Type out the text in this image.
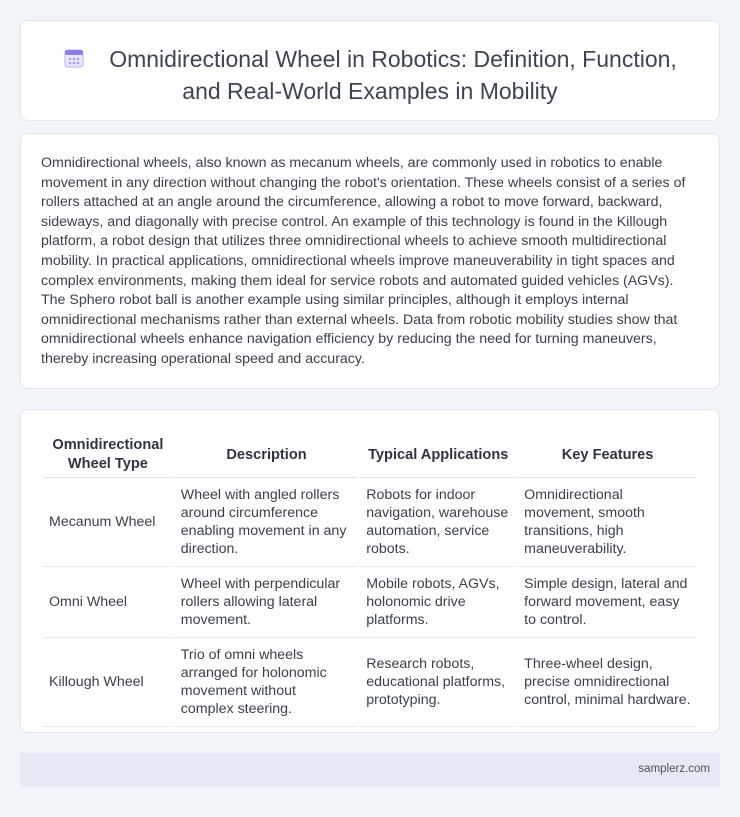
Omnidirectional Wheel in Robotics: Definition, Function, and Real-World Examples in Mobility

Omnidirectional wheels, also known as mecanum wheels, are commonly used in robotics to enable movement in any direction without changing the robot's orientation. These wheels consist of a series of rollers attached at an angle around the circumference, allowing a robot to move forward, backward, sideways, and diagonally with precise control. An example of this technology is found in the Killough platform, a robot design that utilizes three omnidirectional wheels to achieve smooth multidirectional mobility. In practical applications, omnidirectional wheels improve maneuverability in tight spaces and complex environments, making them ideal for service robots and automated guided vehicles (AGVs). The Sphero robot ball is another example using similar principles, although it employs internal omnidirectional mechanisms rather than external wheels. Data from robotic mobility studies show that omnidirectional wheels enhance navigation efficiency by reducing the need for turning maneuvers, thereby increasing operational speed and accuracy.

Omnidirectional Wheel Type	Description	Typical Applications	Key Features
Mecanum Wheel	Wheel with angled rollers around circumference enabling movement in any direction.	Robots for indoor navigation, warehouse automation, service robots.	Omnidirectional movement, smooth transitions, high maneuverability.
Omni Wheel	Wheel with perpendicular rollers allowing lateral movement.	Mobile robots, AGVs, holonomic drive platforms.	Simple design, lateral and forward movement, easy to control.
Killough Wheel	Trio of omni wheels arranged for holonomic movement without complex steering.	Research robots, educational platforms, prototyping.	Three-wheel design, precise omnidirectional control, minimal hardware.
samplerz.com
